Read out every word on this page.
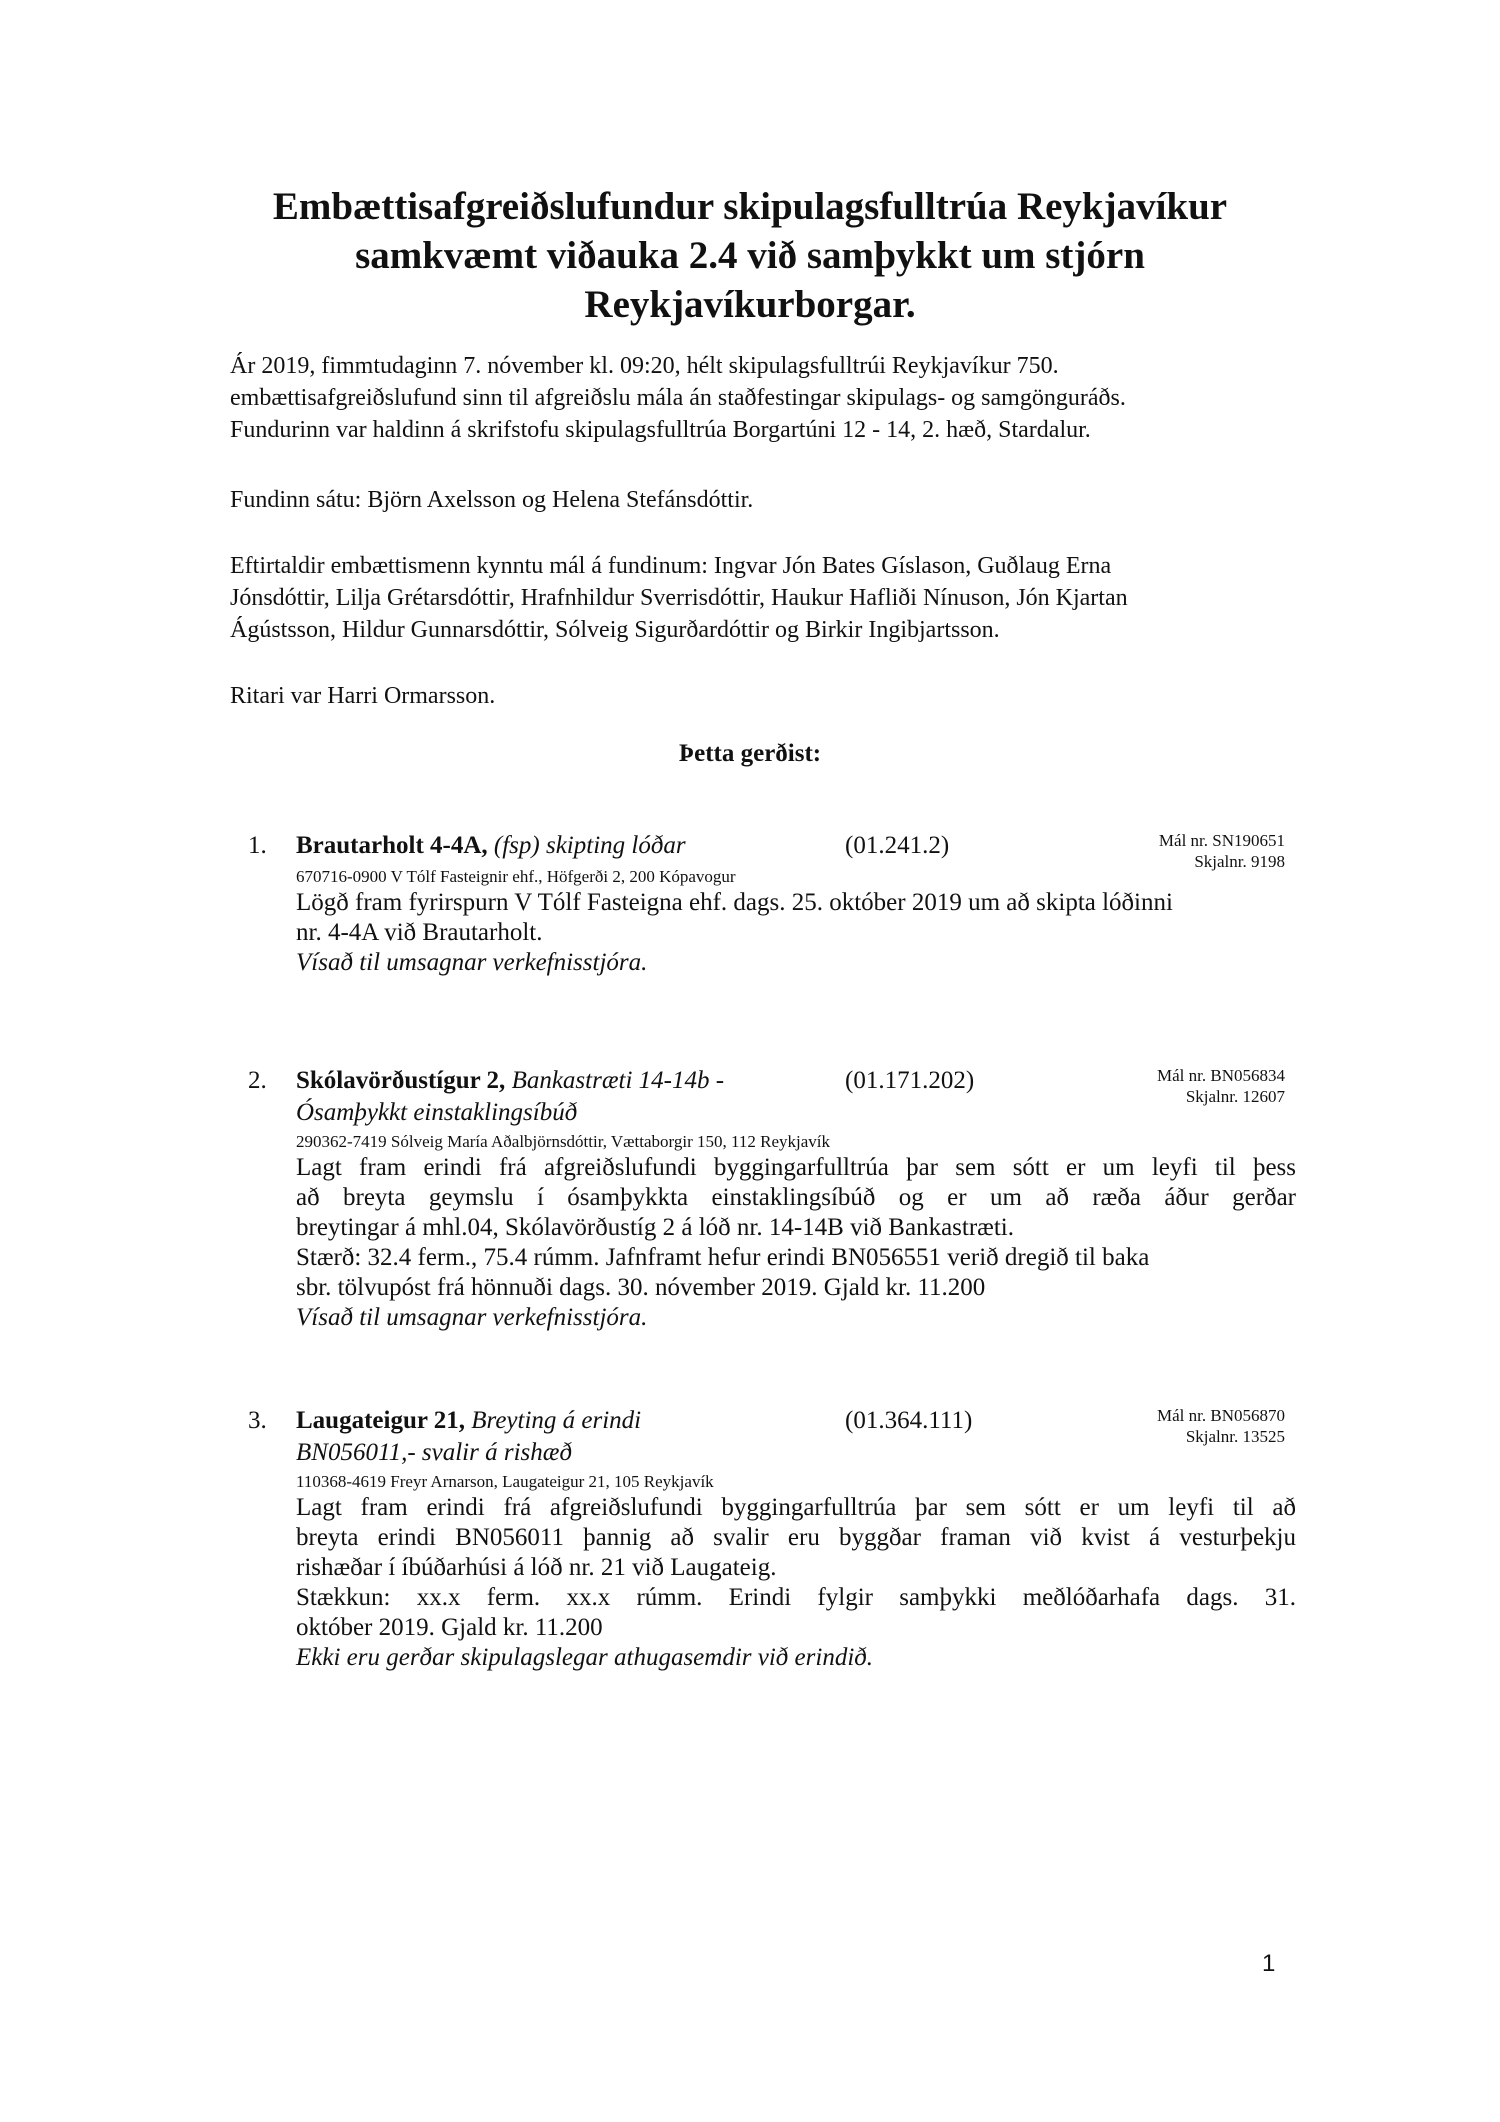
Embættisafgreiðslufundur skipulagsfulltrúa Reykjavíkur
samkvæmt viðauka 2.4 við samþykkt um stjórn
Reykjavíkurborgar.

Ár 2019, fimmtudaginn 7. nóvember kl. 09:20, hélt skipulagsfulltrúi Reykjavíkur 750.
embættisafgreiðslufund sinn til afgreiðslu mála án staðfestingar skipulags- og samgönguráðs.
Fundurinn var haldinn á skrifstofu skipulagsfulltrúa Borgartúni 12 - 14, 2. hæð, Stardalur.

Fundinn sátu: Björn Axelsson og Helena Stefánsdóttir.

Eftirtaldir embættismenn kynntu mál á fundinum: Ingvar Jón Bates Gíslason, Guðlaug Erna
Jónsdóttir, Lilja Grétarsdóttir, Hrafnhildur Sverrisdóttir, Haukur Hafliði Nínuson, Jón Kjartan
Ágústsson, Hildur Gunnarsdóttir, Sólveig Sigurðardóttir og Birkir Ingibjartsson.

Ritari var Harri Ormarsson.

Þetta gerðist:
1. Brautarholt 4-4A, (fsp) skipting lóðar	(01.241.2)	Mál nr. SN190651
Skjalnr. 9198
670716-0900 V Tólf Fasteignir ehf., Höfgerði 2, 200 Kópavogur
Lögð fram fyrirspurn V Tólf Fasteigna ehf. dags. 25. október 2019 um að skipta lóðinni
nr. 4-4A við Brautarholt.
Vísað til umsagnar verkefnisstjóra.
2. Skólavörðustígur 2, Bankastræti 14-14b -
Ósamþykkt einstaklingsíbúð
(01.171.202)	Mál nr. BN056834
Skjalnr. 12607
290362-7419 Sólveig María Aðalbjörnsdóttir, Vættaborgir 150, 112 Reykjavík
Lagt fram erindi frá afgreiðslufundi byggingarfulltrúa þar sem sótt er um leyfi til þess
að breyta geymslu í ósamþykkta einstaklingsíbúð og er um að ræða áður gerðar
breytingar á mhl.04, Skólavörðustíg 2 á lóð nr. 14-14B við Bankastræti.
Stærð: 32.4 ferm., 75.4 rúmm. Jafnframt hefur erindi BN056551 verið dregið til baka
sbr. tölvupóst frá hönnuði dags. 30. nóvember 2019. Gjald kr. 11.200
Vísað til umsagnar verkefnisstjóra.
3. Laugateigur 21, Breyting á erindi
BN056011,- svalir á rishæð
(01.364.111)	Mál nr. BN056870
Skjalnr. 13525
110368-4619 Freyr Arnarson, Laugateigur 21, 105 Reykjavík
Lagt fram erindi frá afgreiðslufundi byggingarfulltrúa þar sem sótt er um leyfi til að
breyta erindi BN056011 þannig að svalir eru byggðar framan við kvist á vesturþekju
rishæðar í íbúðarhúsi á lóð nr. 21 við Laugateig.
Stækkun: xx.x ferm. xx.x rúmm. Erindi fylgir samþykki meðlóðarhafa dags. 31.
október 2019. Gjald kr. 11.200
Ekki eru gerðar skipulagslegar athugasemdir við erindið.
1
